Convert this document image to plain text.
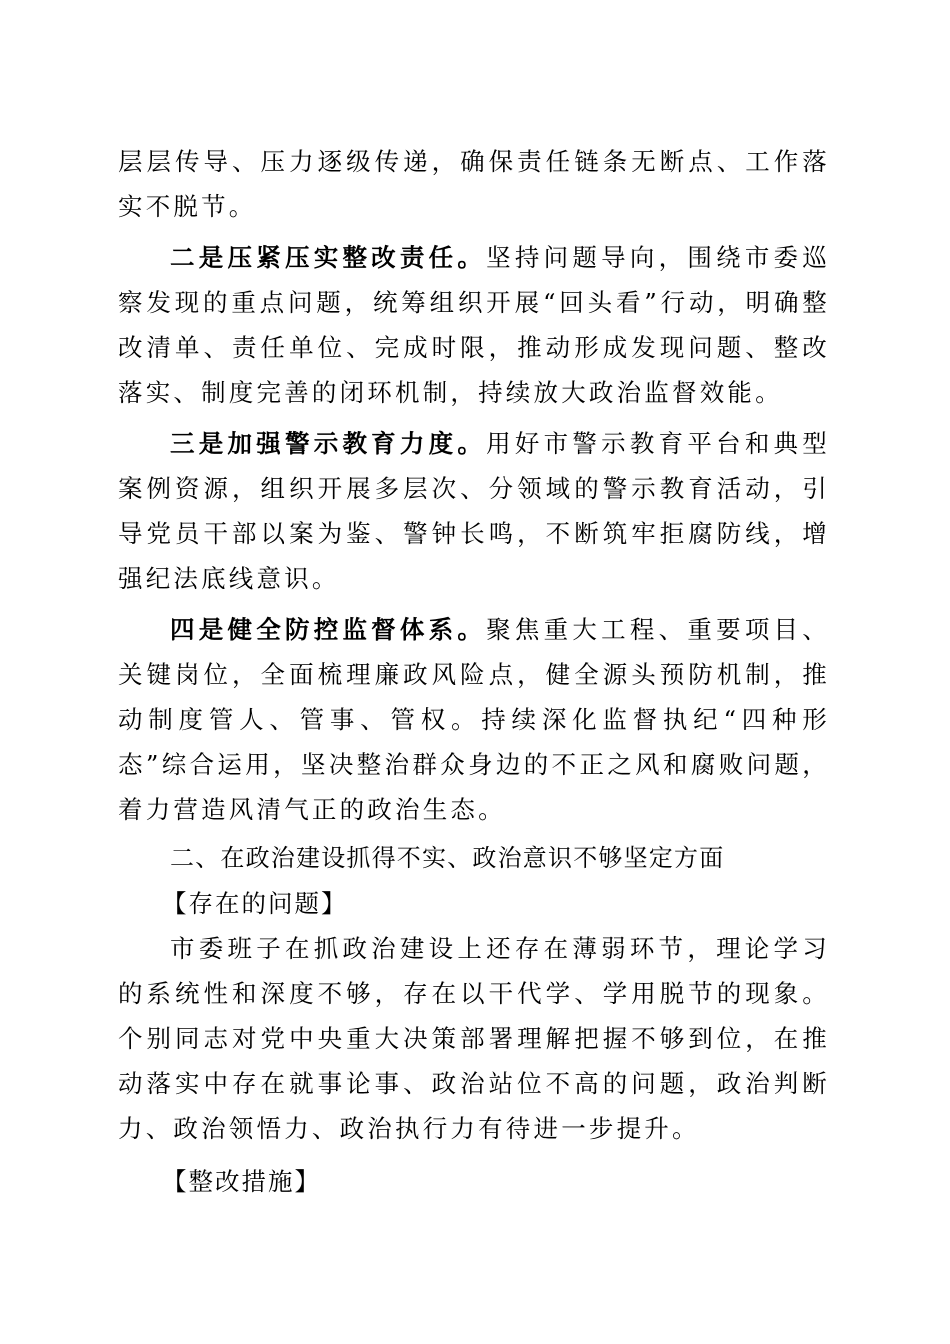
层层传导、压力逐级传递，确保责任链条无断点、工作落实不脱节。

二是压紧压实整改责任。坚持问题导向，围绕市委巡察发现的重点问题，统筹组织开展“回头看”行动，明确整改清单、责任单位、完成时限，推动形成发现问题、整改落实、制度完善的闭环机制，持续放大政治监督效能。

三是加强警示教育力度。用好市警示教育平台和典型案例资源，组织开展多层次、分领域的警示教育活动，引导党员干部以案为鉴、警钟长鸣，不断筑牢拒腐防线，增强纪法底线意识。

四是健全防控监督体系。聚焦重大工程、重要项目、关键岗位，全面梳理廉政风险点，健全源头预防机制，推动制度管人、管事、管权。持续深化监督执纪“四种形态”综合运用，坚决整治群众身边的不正之风和腐败问题，着力营造风清气正的政治生态。

二、在政治建设抓得不实、政治意识不够坚定方面

【存在的问题】

市委班子在抓政治建设上还存在薄弱环节，理论学习的系统性和深度不够，存在以干代学、学用脱节的现象。个别同志对党中央重大决策部署理解把握不够到位，在推动落实中存在就事论事、政治站位不高的问题，政治判断力、政治领悟力、政治执行力有待进一步提升。

【整改措施】
